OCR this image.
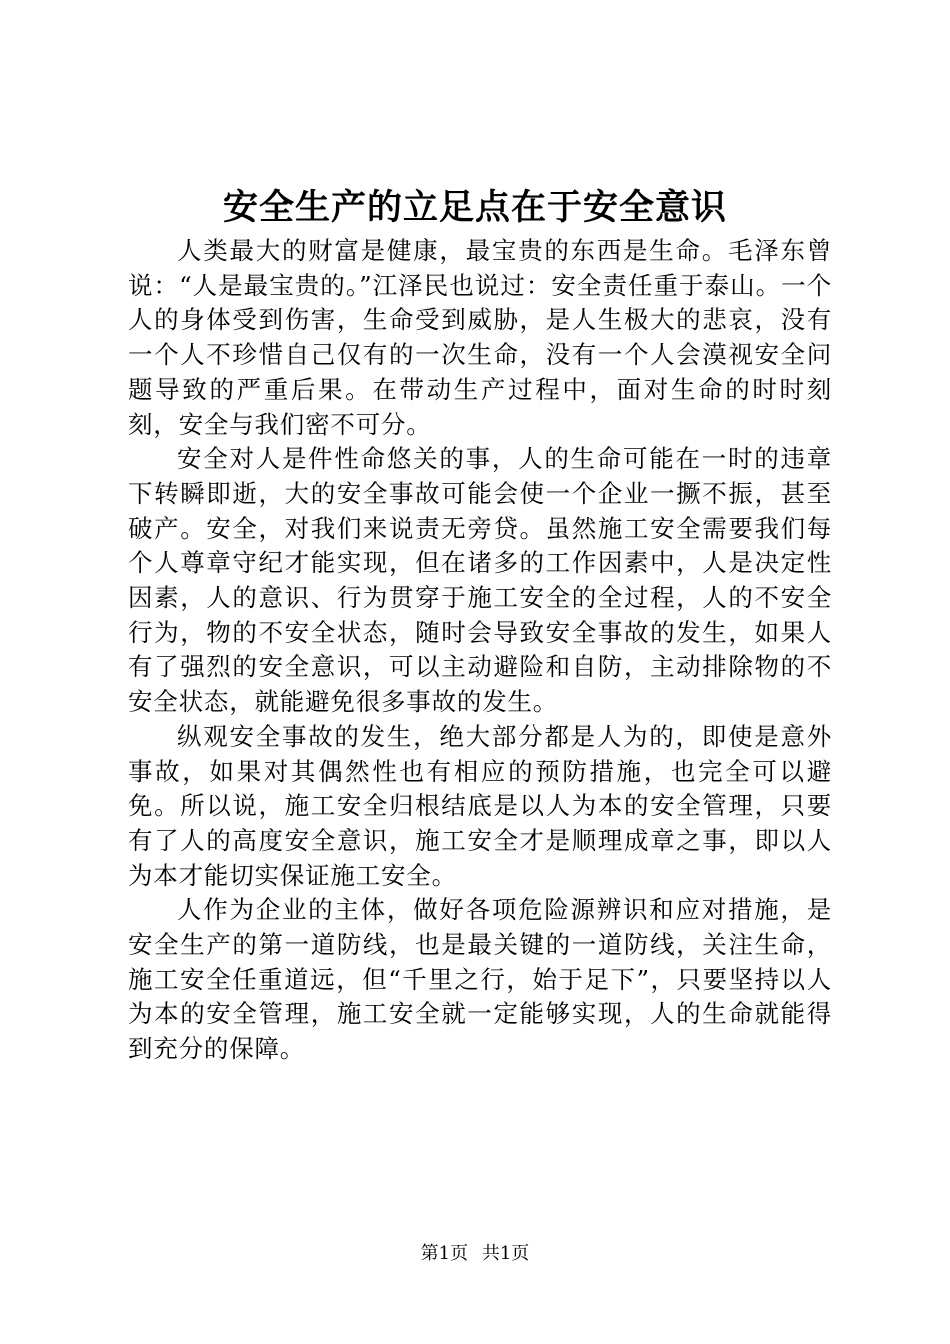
安全生产的立足点在于安全意识

人类最大的财富是健康，最宝贵的东西是生命。毛泽东曾说：“人是最宝贵的。”江泽民也说过：安全责任重于泰山。一个人的身体受到伤害，生命受到威胁，是人生极大的悲哀，没有一个人不珍惜自己仅有的一次生命，没有一个人会漠视安全问题导致的严重后果。在带动生产过程中，面对生命的时时刻刻，安全与我们密不可分。

安全对人是件性命悠关的事，人的生命可能在一时的违章下转瞬即逝，大的安全事故可能会使一个企业一撅不振，甚至破产。安全，对我们来说责无旁贷。虽然施工安全需要我们每个人尊章守纪才能实现，但在诸多的工作因素中，人是决定性因素，人的意识、行为贯穿于施工安全的全过程，人的不安全行为，物的不安全状态，随时会导致安全事故的发生，如果人有了强烈的安全意识，可以主动避险和自防，主动排除物的不安全状态，就能避免很多事故的发生。

纵观安全事故的发生，绝大部分都是人为的，即使是意外事故，如果对其偶然性也有相应的预防措施，也完全可以避免。所以说，施工安全归根结底是以人为本的安全管理，只要有了人的高度安全意识，施工安全才是顺理成章之事，即以人为本才能切实保证施工安全。

人作为企业的主体，做好各项危险源辨识和应对措施，是安全生产的第一道防线，也是最关键的一道防线，关注生命，施工安全任重道远，但“千里之行，始于足下”，只要坚持以人为本的安全管理，施工安全就一定能够实现，人的生命就能得到充分的保障。

第1页 共1页
